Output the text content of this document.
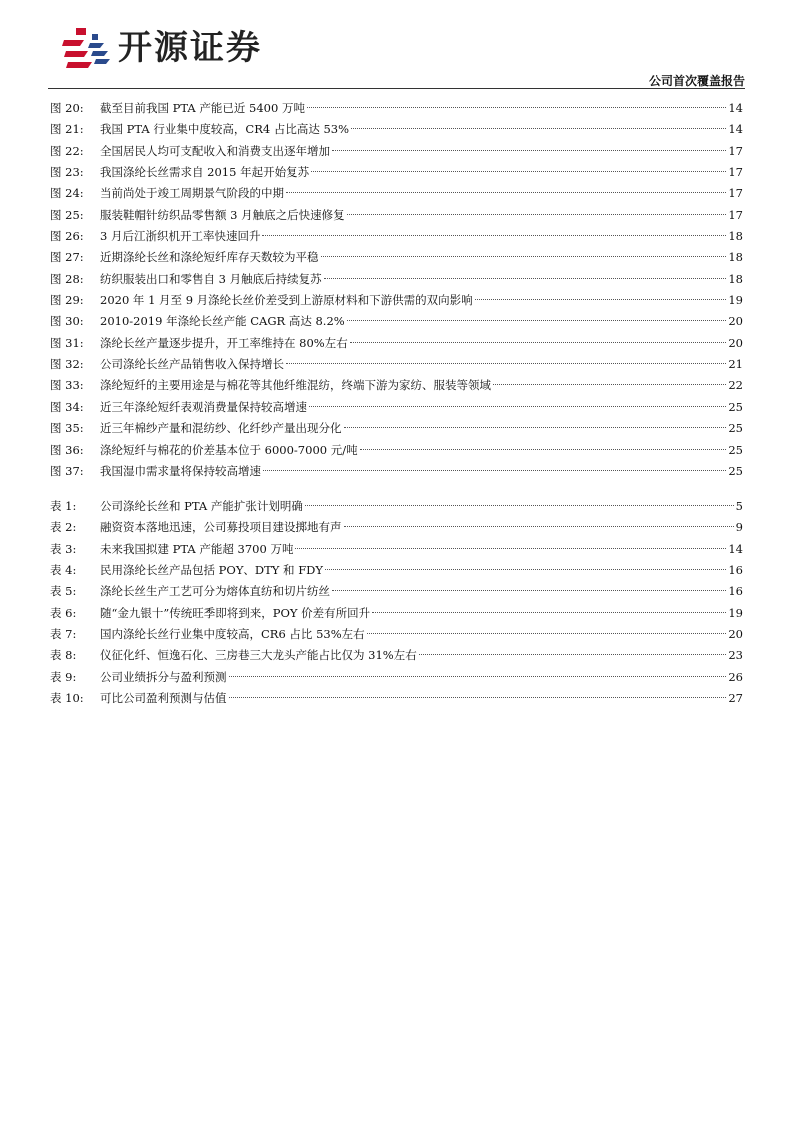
开源证券
公司首次覆盖报告
图 20:	截至目前我国 PTA 产能已近 5400 万吨	14
图 21:	我国 PTA 行业集中度较高，CR4 占比高达 53%	14
图 22:	全国居民人均可支配收入和消费支出逐年增加	17
图 23:	我国涤纶长丝需求自 2015 年起开始复苏	17
图 24:	当前尚处于竣工周期景气阶段的中期	17
图 25:	服装鞋帽针纺织品零售额 3 月触底之后快速修复	17
图 26:	3 月后江浙织机开工率快速回升	18
图 27:	近期涤纶长丝和涤纶短纤库存天数较为平稳	18
图 28:	纺织服装出口和零售自 3 月触底后持续复苏	18
图 29:	2020 年 1 月至 9 月涤纶长丝价差受到上游原材料和下游供需的双向影响	19
图 30:	2010-2019 年涤纶长丝产能 CAGR 高达 8.2%	20
图 31:	涤纶长丝产量逐步提升，开工率维持在 80%左右	20
图 32:	公司涤纶长丝产品销售收入保持增长	21
图 33:	涤纶短纤的主要用途是与棉花等其他纤维混纺，终端下游为家纺、服装等领域	22
图 34:	近三年涤纶短纤表观消费量保持较高增速	25
图 35:	近三年棉纱产量和混纺纱、化纤纱产量出现分化	25
图 36:	涤纶短纤与棉花的价差基本位于 6000-7000 元/吨	25
图 37:	我国湿巾需求量将保持较高增速	25
表 1:	公司涤纶长丝和 PTA 产能扩张计划明确	5
表 2:	融资资本落地迅速，公司募投项目建设掷地有声	9
表 3:	未来我国拟建 PTA 产能超 3700 万吨	14
表 4:	民用涤纶长丝产品包括 POY、DTY 和 FDY	16
表 5:	涤纶长丝生产工艺可分为熔体直纺和切片纺丝	16
表 6:	随“金九银十”传统旺季即将到来，POY 价差有所回升	19
表 7:	国内涤纶长丝行业集中度较高，CR6 占比 53%左右	20
表 8:	仪征化纤、恒逸石化、三房巷三大龙头产能占比仅为 31%左右	23
表 9:	公司业绩拆分与盈利预测	26
表 10:	可比公司盈利预测与估值	27
